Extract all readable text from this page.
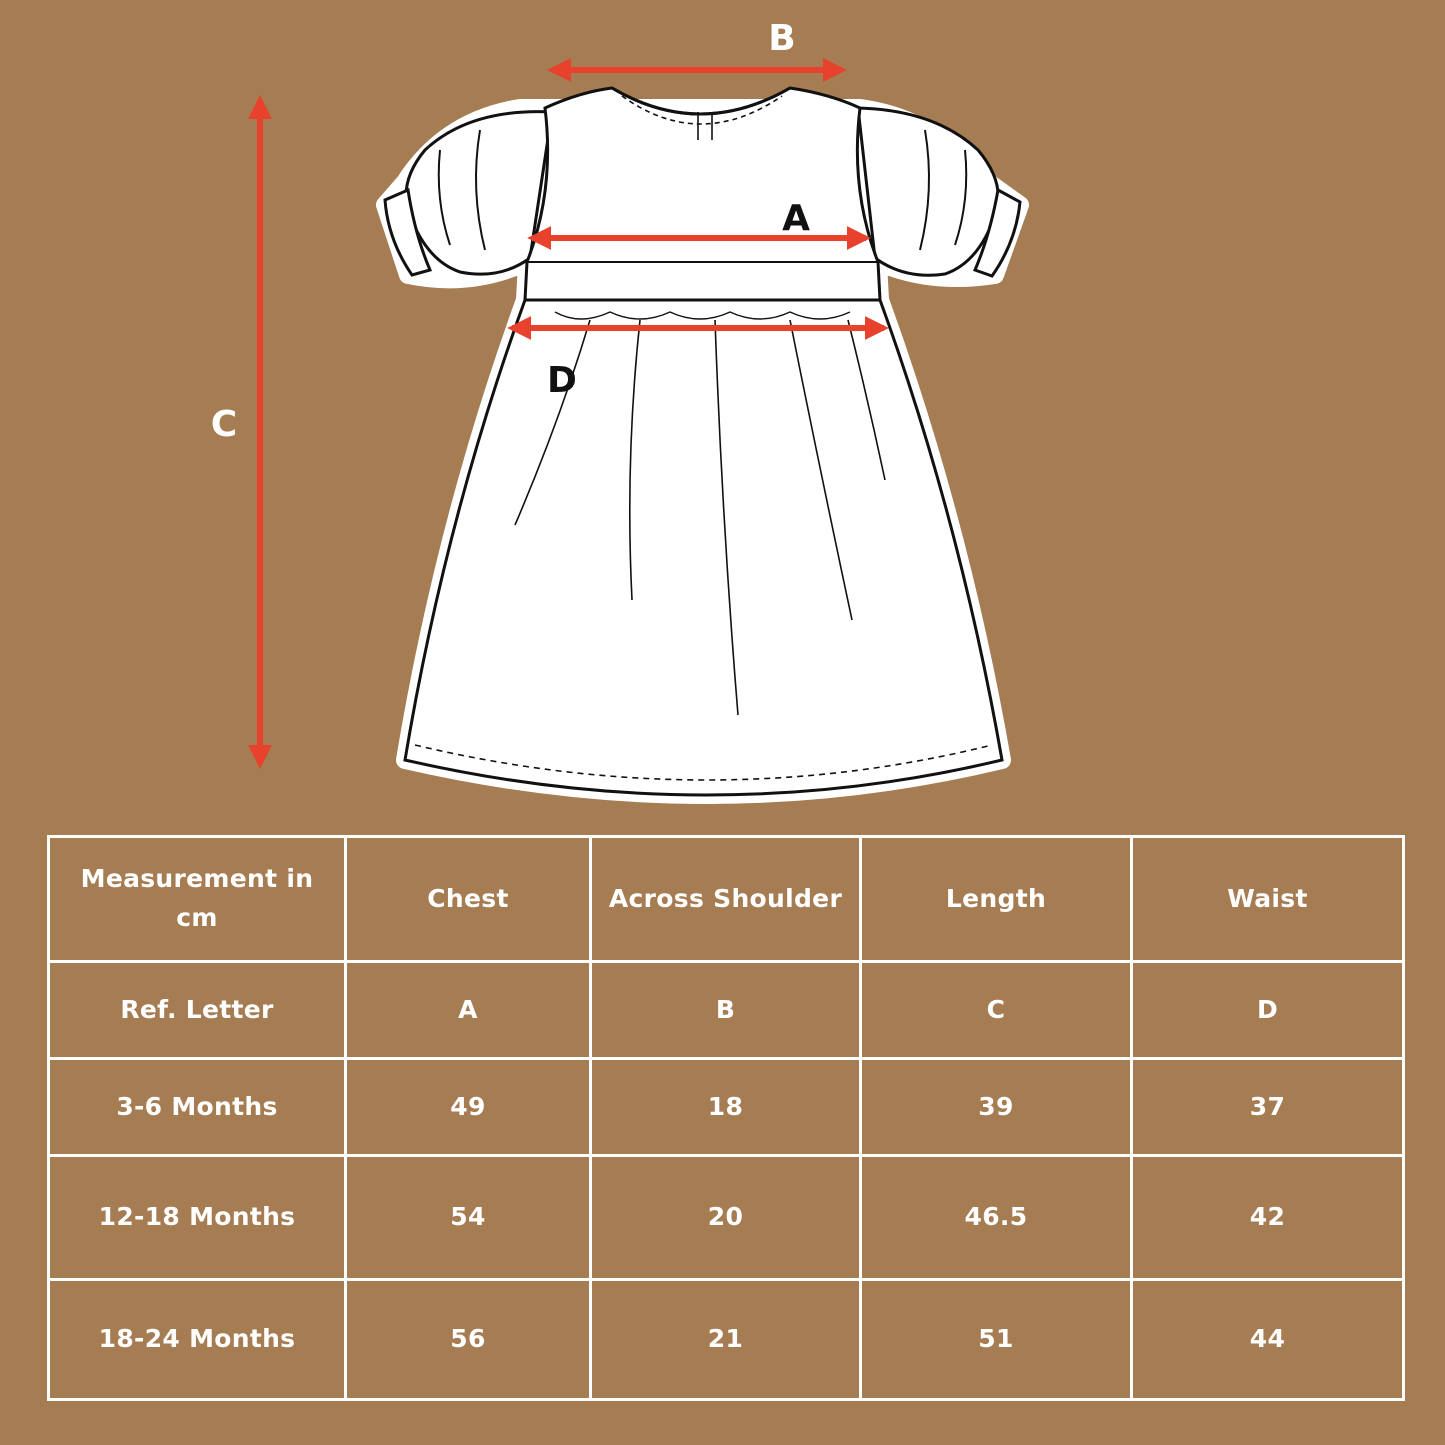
B
A
D
C
Measurement in cm	Chest	Across Shoulder	Length	Waist
Ref. Letter	A	B	C	D
3-6 Months	49	18	39	37
12-18 Months	54	20	46.5	42
18-24 Months	56	21	51	44
